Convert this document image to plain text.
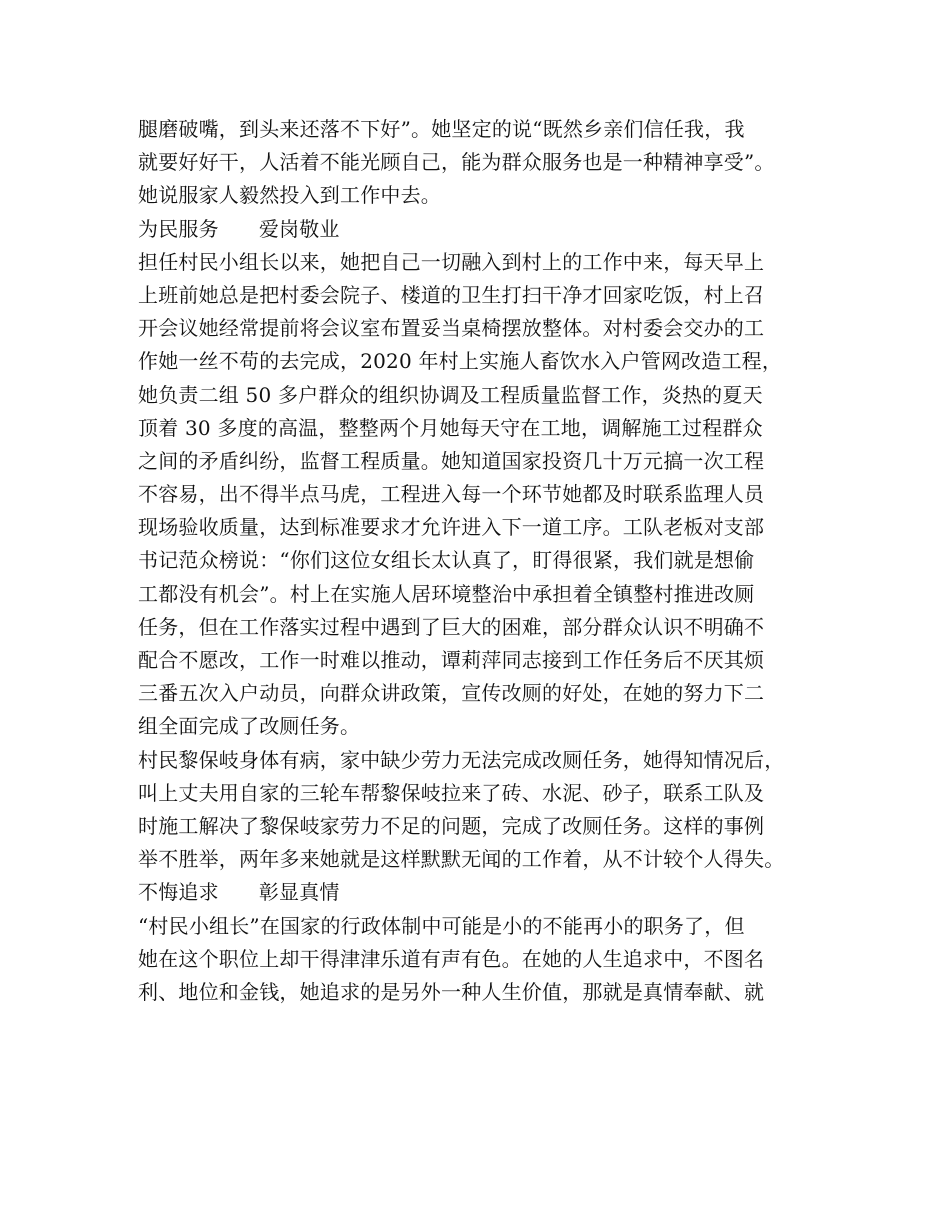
腿磨破嘴，到头来还落不下好”。她坚定的说“既然乡亲们信任我，我
就要好好干，人活着不能光顾自己，能为群众服务也是一种精神享受”。
她说服家人毅然投入到工作中去。
为民服务 爱岗敬业
担任村民小组长以来，她把自己一切融入到村上的工作中来，每天早上
上班前她总是把村委会院子、楼道的卫生打扫干净才回家吃饭，村上召
开会议她经常提前将会议室布置妥当桌椅摆放整体。对村委会交办的工
作她一丝不苟的去完成，2020 年村上实施人畜饮水入户管网改造工程，
她负责二组 50 多户群众的组织协调及工程质量监督工作，炎热的夏天
顶着 30 多度的高温，整整两个月她每天守在工地，调解施工过程群众
之间的矛盾纠纷，监督工程质量。她知道国家投资几十万元搞一次工程
不容易，出不得半点马虎，工程进入每一个环节她都及时联系监理人员
现场验收质量，达到标准要求才允许进入下一道工序。工队老板对支部
书记范众榜说：“你们这位女组长太认真了，盯得很紧，我们就是想偷
工都没有机会”。村上在实施人居环境整治中承担着全镇整村推进改厕
任务，但在工作落实过程中遇到了巨大的困难，部分群众认识不明确不
配合不愿改，工作一时难以推动，谭莉萍同志接到工作任务后不厌其烦
三番五次入户动员，向群众讲政策，宣传改厕的好处，在她的努力下二
组全面完成了改厕任务。
村民黎保岐身体有病，家中缺少劳力无法完成改厕任务，她得知情况后，
叫上丈夫用自家的三轮车帮黎保岐拉来了砖、水泥、砂子，联系工队及
时施工解决了黎保岐家劳力不足的问题，完成了改厕任务。这样的事例
举不胜举，两年多来她就是这样默默无闻的工作着，从不计较个人得失。
不悔追求 彰显真情
“村民小组长”在国家的行政体制中可能是小的不能再小的职务了，但
她在这个职位上却干得津津乐道有声有色。在她的人生追求中，不图名
利、地位和金钱，她追求的是另外一种人生价值，那就是真情奉献、就
